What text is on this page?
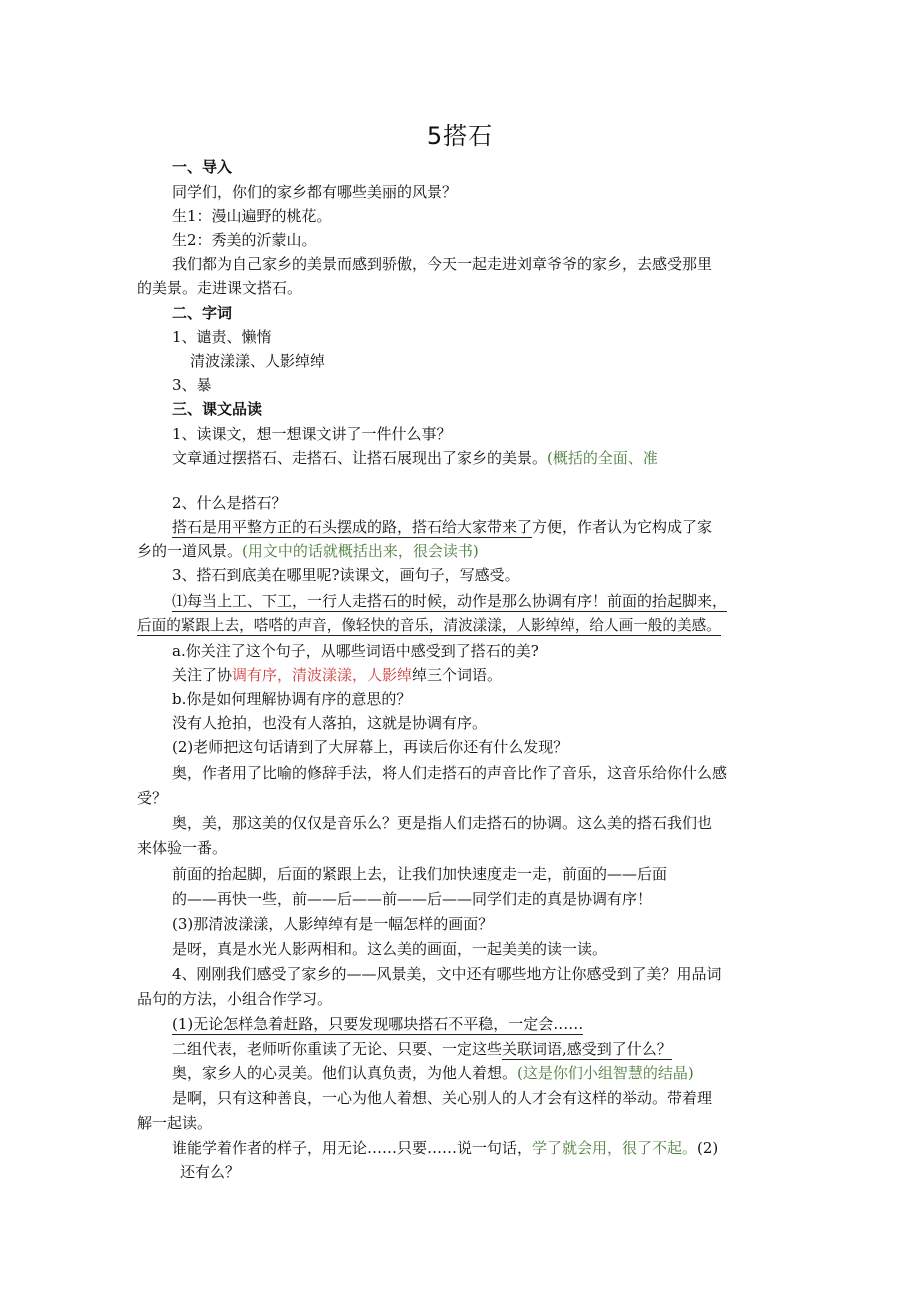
5搭石
一、导入
同学们，你们的家乡都有哪些美丽的风景？
生1：漫山遍野的桃花。
生2：秀美的沂蒙山。
我们都为自己家乡的美景而感到骄傲，今天一起走进刘章爷爷的家乡，去感受那里
的美景。走进课文搭石。
二、字词
1、谴责、懒惰
清波漾漾、人影绰绰
3、暴
三、课文品读
1、读课文，想一想课文讲了一件什么事？
文章通过摆搭石、走搭石、让搭石展现出了家乡的美景。(概括的全面、准
2、什么是搭石？
搭石是用平整方正的石头摆成的路，搭石给大家带来了方便，作者认为它构成了家
乡的一道风景。(用文中的话就概括出来，很会读书)
3、搭石到底美在哪里呢?读课文，画句子，写感受。
⑴每当上工、下工，一行人走搭石的时候，动作是那么协调有序！前面的抬起脚来，
后面的紧跟上去，嗒嗒的声音，像轻快的音乐，清波漾漾，人影绰绰，给人画一般的美感。
a.你关注了这个句子，从哪些词语中感受到了搭石的美?
关注了协调有序，清波漾漾，人影绰绰三个词语。
b.你是如何理解协调有序的意思的？
没有人抢拍，也没有人落拍，这就是协调有序。
(2)老师把这句话请到了大屏幕上，再读后你还有什么发现？
奥，作者用了比喻的修辞手法，将人们走搭石的声音比作了音乐，这音乐给你什么感
受？
奥，美，那这美的仅仅是音乐么？更是指人们走搭石的协调。这么美的搭石我们也
来体验一番。
前面的抬起脚，后面的紧跟上去，让我们加快速度走一走，前面的——后面
的——再快一些，前——后——前——后——同学们走的真是协调有序！
(3)那清波漾漾，人影绰绰有是一幅怎样的画面？
是呀，真是水光人影两相和。这么美的画面，一起美美的读一读。
4、刚刚我们感受了家乡的——风景美，文中还有哪些地方让你感受到了美？用品词
品句的方法，小组合作学习。
(1)无论怎样急着赶路，只要发现哪块搭石不平稳，一定会……
二组代表，老师听你重读了无论、只要、一定这些关联词语,感受到了什么？
奥，家乡人的心灵美。他们认真负责，为他人着想。(这是你们小组智慧的结晶)
是啊，只有这种善良，一心为他人着想、关心别人的人才会有这样的举动。带着理
解一起读。
谁能学着作者的样子，用无论……只要……说一句话，学了就会用，很了不起。(2)
还有么？
